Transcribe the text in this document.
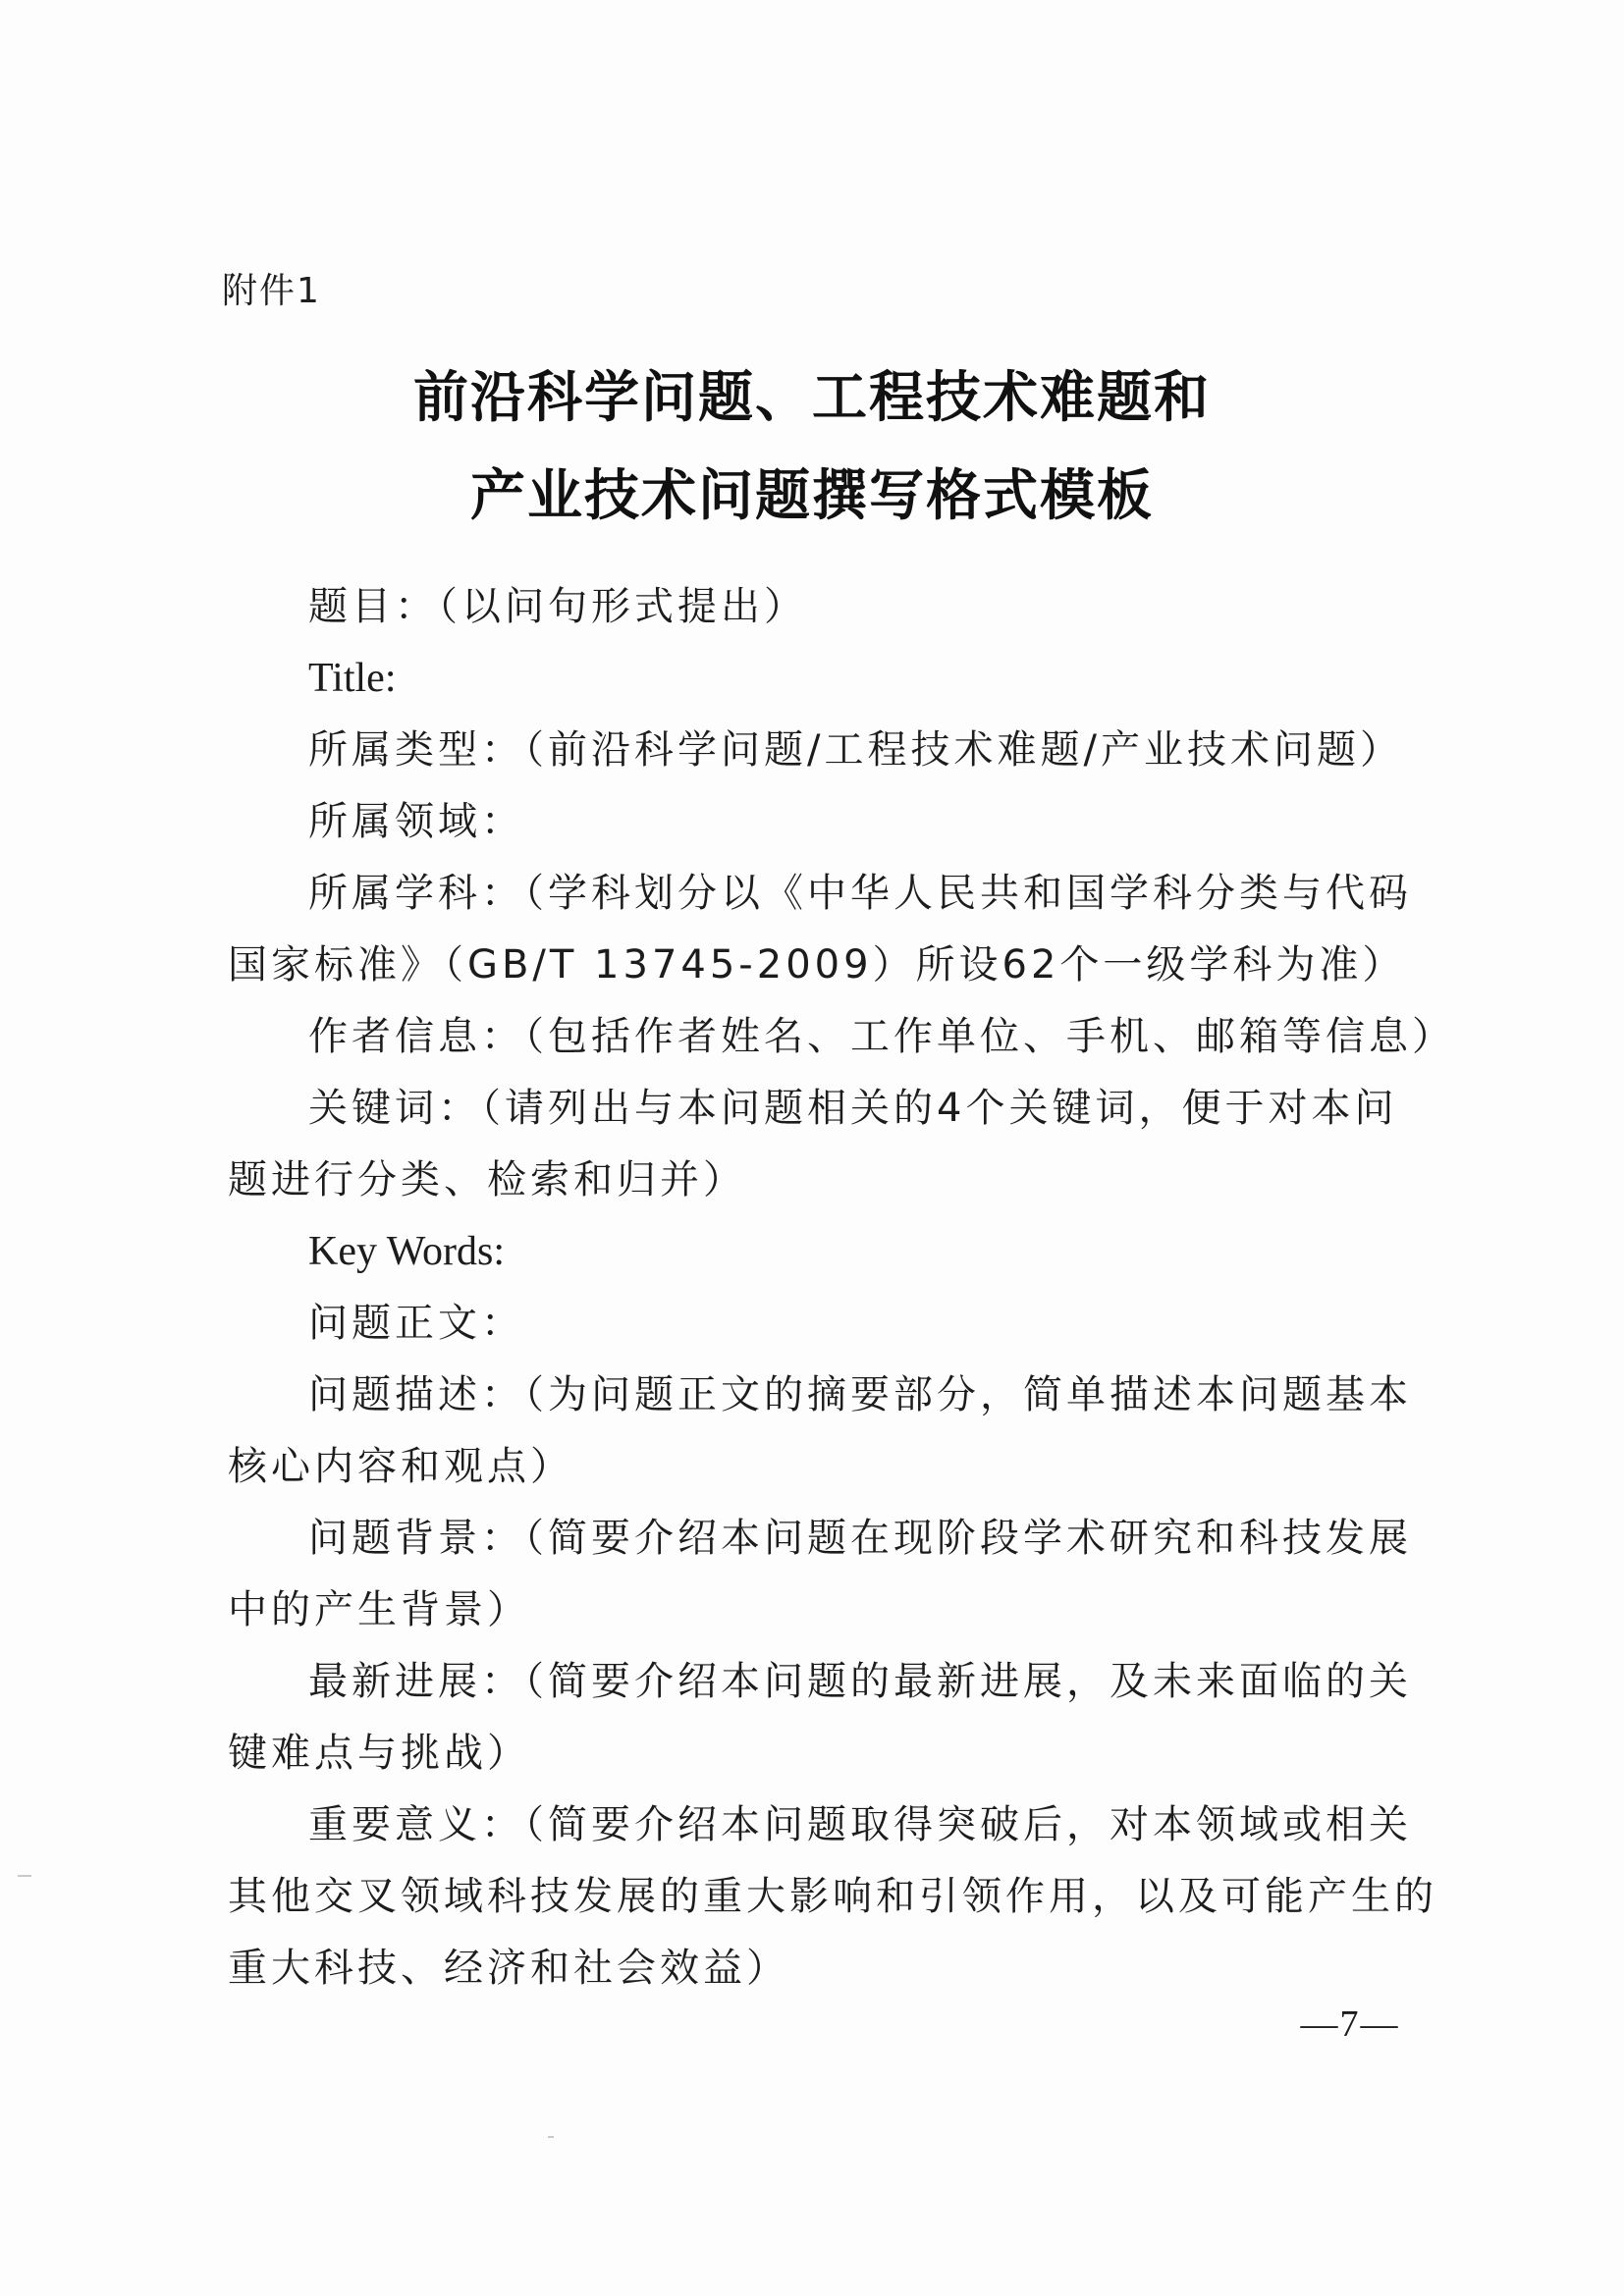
附件1
前沿科学问题、工程技术难题和
产业技术问题撰写格式模板
题目：（以问句形式提出）
Title:
所属类型：（前沿科学问题/工程技术难题/产业技术问题）
所属领域：
所属学科：（学科划分以《中华人民共和国学科分类与代码
国家标准》（GB/T 13745-2009）所设62个一级学科为准）
作者信息：（包括作者姓名、工作单位、手机、邮箱等信息）
关键词：（请列出与本问题相关的4个关键词，便于对本问
题进行分类、检索和归并）
Key Words:
问题正文：
问题描述：（为问题正文的摘要部分，简单描述本问题基本
核心内容和观点）
问题背景：（简要介绍本问题在现阶段学术研究和科技发展
中的产生背景）
最新进展：（简要介绍本问题的最新进展，及未来面临的关
键难点与挑战）
重要意义：（简要介绍本问题取得突破后，对本领域或相关
其他交叉领域科技发展的重大影响和引领作用，以及可能产生的
重大科技、经济和社会效益）
—7—
